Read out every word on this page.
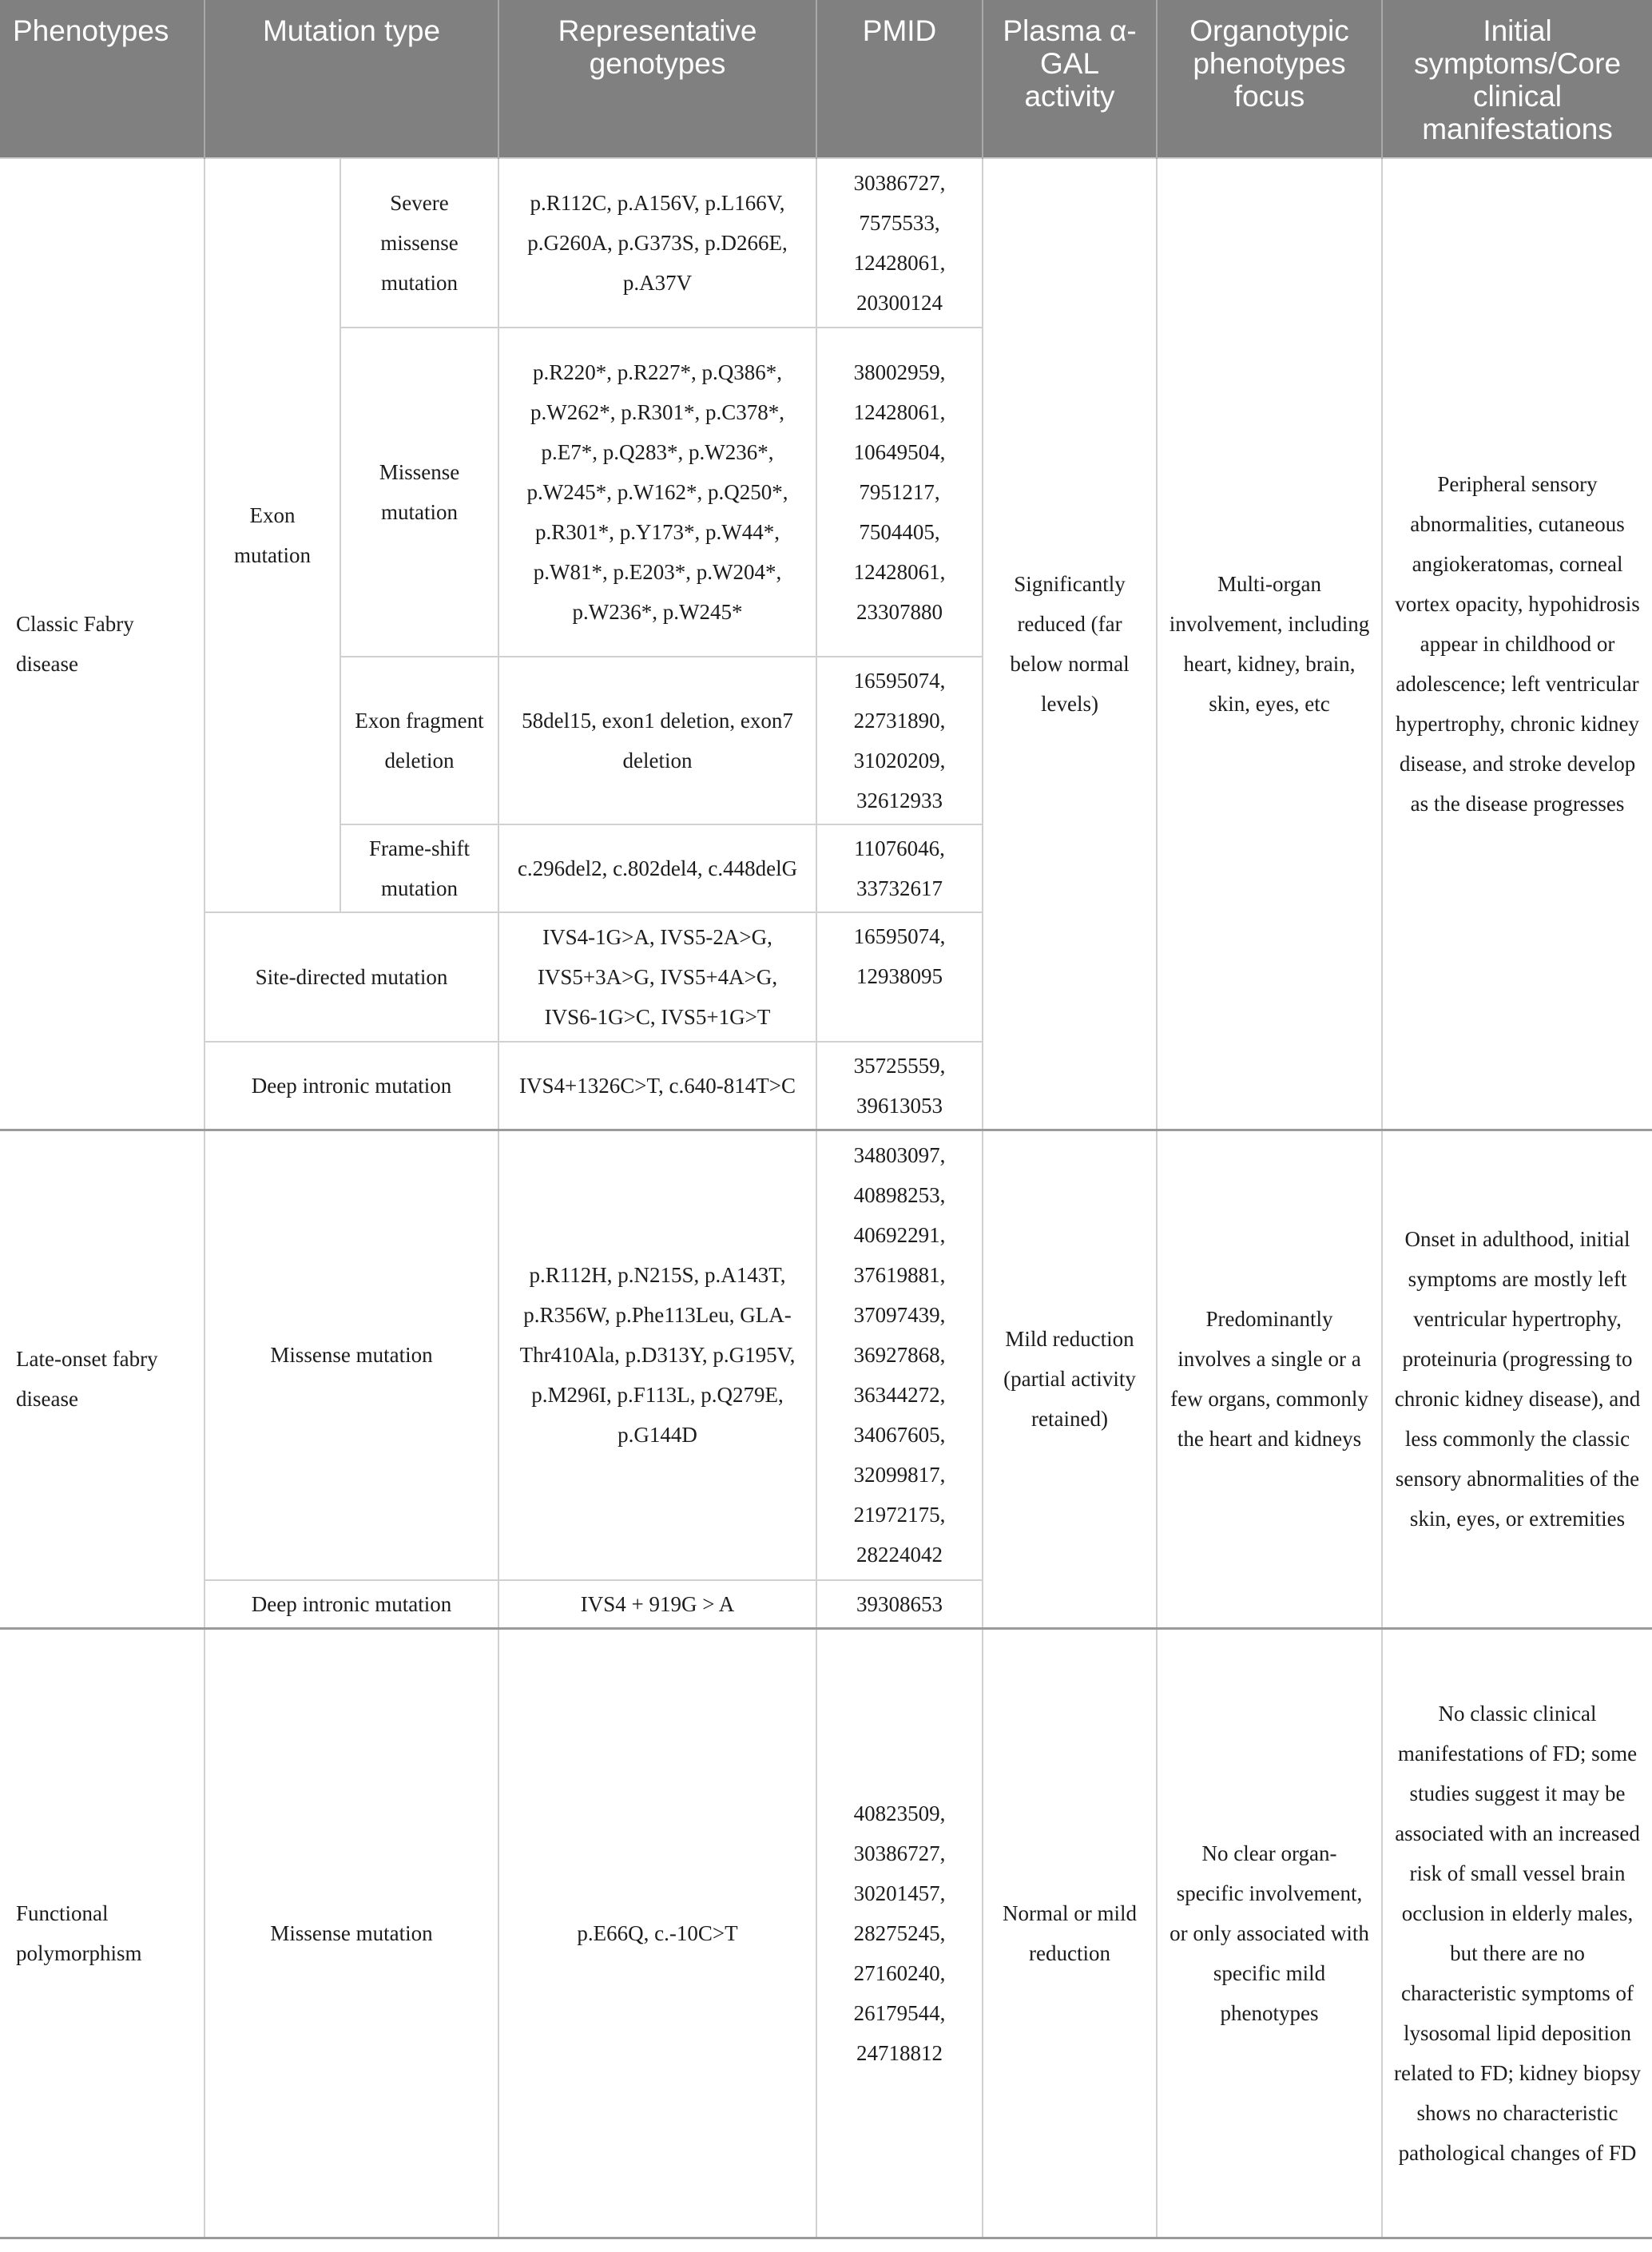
Phenotypes	Mutation type		Representative genotypes	PMID	Plasma α-GAL activity	Organotypic phenotypes focus	Initial symptoms/Core clinical manifestations
Classic Fabry disease	Exon mutation	Severe missense mutation	p.R112C, p.A156V, p.L166V, p.G260A, p.G373S, p.D266E, p.A37V	30386727, 7575533, 12428061, 20300124	Significantly reduced (far below normal levels)	Multi-organ involvement, including heart, kidney, brain, skin, eyes, etc	Peripheral sensory abnormalities, cutaneous angiokeratomas, corneal vortex opacity, hypohidrosis appear in childhood or adolescence; left ventricular hypertrophy, chronic kidney disease, and stroke develop as the disease progresses
		Missense mutation	p.R220*, p.R227*, p.Q386*, p.W262*, p.R301*, p.C378*, p.E7*, p.Q283*, p.W236*, p.W245*, p.W162*, p.Q250*, p.R301*, p.Y173*, p.W44*, p.W81*, p.E203*, p.W204*, p.W236*, p.W245*	38002959, 12428061, 10649504, 7951217, 7504405, 12428061, 23307880			
		Exon fragment deletion	58del15, exon1 deletion, exon7 deletion	16595074, 22731890, 31020209, 32612933			
		Frame-shift mutation	c.296del2, c.802del4, c.448delG	11076046, 33732617			
	Site-directed mutation		IVS4-1G>A, IVS5-2A>G, IVS5+3A>G, IVS5+4A>G, IVS6-1G>C, IVS5+1G>T	16595074, 12938095			
	Deep intronic mutation		IVS4+1326C>T, c.640-814T>C	35725559, 39613053			
Late-onset fabry disease	Missense mutation		p.R112H, p.N215S, p.A143T, p.R356W, p.Phe113Leu, GLA-Thr410Ala, p.D313Y, p.G195V, p.M296I, p.F113L, p.Q279E, p.G144D	34803097, 40898253, 40692291, 37619881, 37097439, 36927868, 36344272, 34067605, 32099817, 21972175, 28224042	Mild reduction (partial activity retained)	Predominantly involves a single or a few organs, commonly the heart and kidneys	Onset in adulthood, initial symptoms are mostly left ventricular hypertrophy, proteinuria (progressing to chronic kidney disease), and less commonly the classic sensory abnormalities of the skin, eyes, or extremities
	Deep intronic mutation		IVS4 + 919G > A	39308653			
Functional polymorphism	Missense mutation		p.E66Q, c.-10C>T	40823509, 30386727, 30201457, 28275245, 27160240, 26179544, 24718812	Normal or mild reduction	No clear organ-specific involvement, or only associated with specific mild phenotypes	No classic clinical manifestations of FD; some studies suggest it may be associated with an increased risk of small vessel brain occlusion in elderly males, but there are no characteristic symptoms of lysosomal lipid deposition related to FD; kidney biopsy shows no characteristic pathological changes of FD
